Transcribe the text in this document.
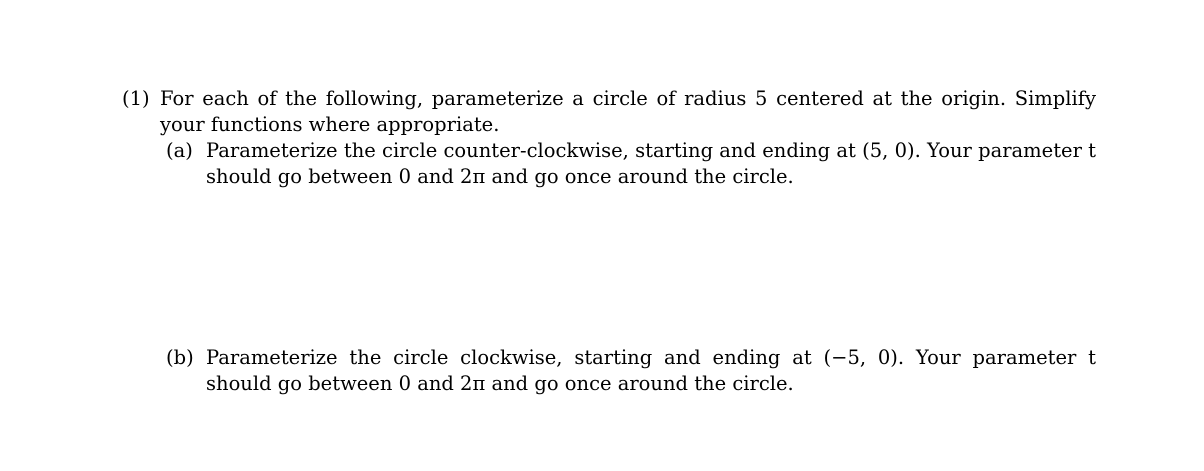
(1) For each of the following, parameterize a circle of radius 5 centered at the origin. Simplify your functions where appropriate.
(a) Parameterize the circle counter-clockwise, starting and ending at (5, 0). Your parameter t should go between 0 and 2π and go once around the circle.
(b) Parameterize the circle clockwise, starting and ending at (−5, 0). Your parameter t should go between 0 and 2π and go once around the circle.
